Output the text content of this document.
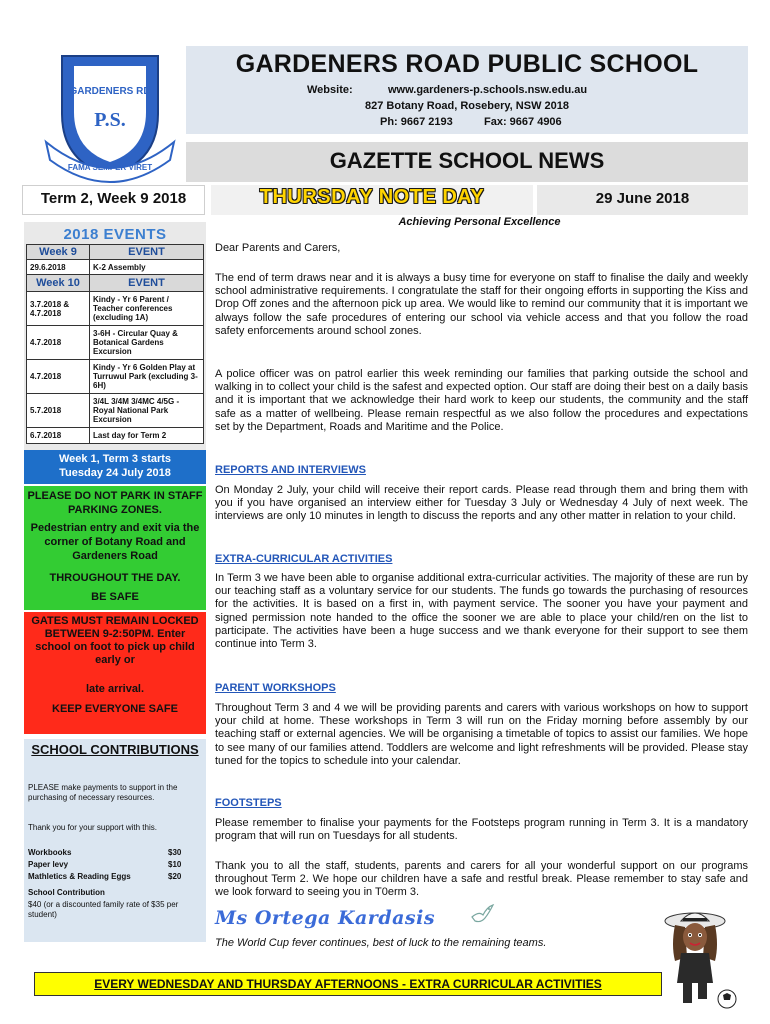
GARDENERS RD
P.S.
FAMA SEMPER VIRET
GARDENERS ROAD PUBLIC SCHOOL
Website:	www.gardeners-p.schools.nsw.edu.au
827 Botany Road, Rosebery, NSW 2018
Ph: 9667 2193	Fax: 9667 4906
GAZETTE SCHOOL NEWS
Term 2, Week 9 2018	THURSDAY NOTE DAY	29 June 2018
Achieving Personal Excellence
2018 EVENTS
Week 9	EVENT
29.6.2018	K-2 Assembly
Week 10	EVENT
3.7.2018 &
4.7.2018	Kindy - Yr 6 Parent / Teacher conferences (excluding 1A)
4.7.2018	3-6H - Circular Quay & Botanical Gardens Excursion
4.7.2018	Kindy - Yr 6 Golden Play at Turruwul Park (excluding 3-6H)
5.7.2018	3/4L 3/4M 3/4MC 4/5G - Royal National Park Excursion
6.7.2018	Last day for Term 2
Week 1, Term 3 starts
Tuesday 24 July 2018
PLEASE DO NOT PARK IN STAFF PARKING ZONES.
Pedestrian entry and exit via the corner of Botany Road and Gardeners Road
THROUGHOUT THE DAY.
BE SAFE
GATES MUST REMAIN LOCKED BETWEEN 9-2:50PM. Enter school on foot to pick up child early or
late arrival.
KEEP EVERYONE SAFE
SCHOOL CONTRIBUTIONS
PLEASE make payments to support in the purchasing of necessary resources.
Thank you for your support with this.
Workbooks	$30
Paper levy	$10
Mathletics & Reading Eggs	$20
School Contribution
$40 (or a discounted family rate of $35 per student)
Dear Parents and Carers,
The end of term draws near and it is always a busy time for everyone on staff to finalise the daily and weekly school administrative requirements. I congratulate the staff for their ongoing efforts in supporting the Kiss and Drop Off zones and the afternoon pick up area. We would like to remind our community that it is important we always follow the safe procedures of entering our school via vehicle access and that you follow the road safety enforcements around school zones.
A police officer was on patrol earlier this week reminding our families that parking outside the school and walking in to collect your child is the safest and expected option. Our staff are doing their best on a daily basis and it is important that we acknowledge their hard work to keep our students, the community and the staff safe as a matter of wellbeing. Please remain respectful as we also follow the procedures and expectations set by the Department, Roads and Maritime and the Police.
REPORTS AND INTERVIEWS
On Monday 2 July, your child will receive their report cards. Please read through them and bring them with you if you have organised an interview either for Tuesday 3 July or Wednesday 4 July of next week. The interviews are only 10 minutes in length to discuss the reports and any other matter in relation to your child.
EXTRA-CURRICULAR ACTIVITIES
In Term 3 we have been able to organise additional extra-curricular activities. The majority of these are run by our teaching staff as a voluntary service for our students. The funds go towards the purchasing of resources for the activities. It is based on a first in, with payment service. The sooner you have your payment and signed permission note handed to the office the sooner we are able to place your child/ren on the list to participate. The activities have been a huge success and we thank everyone for their support to see them continue into Term 3.
PARENT WORKSHOPS
Throughout Term 3 and 4 we will be providing parents and carers with various workshops on how to support your child at home. These workshops in Term 3 will run on the Friday morning before assembly by our teaching staff or external agencies. We will be organising a timetable of topics to assist our families. We hope to see many of our families attend. Toddlers are welcome and light refreshments will be provided. Please stay tuned for the topics to schedule into your calendar.
FOOTSTEPS
Please remember to finalise your payments for the Footsteps program running in Term 3. It is a mandatory program that will run on Tuesdays for all students.
Thank you to all the staff, students, parents and carers for all your wonderful support on our programs throughout Term 2. We hope our children have a safe and restful break. Please remember to stay safe and we look forward to seeing you in T0erm 3.
Ms Ortega Kardasis
The World Cup fever continues, best of luck to the remaining teams.
EVERY WEDNESDAY AND THURSDAY AFTERNOONS - EXTRA CURRICULAR ACTIVITIES
